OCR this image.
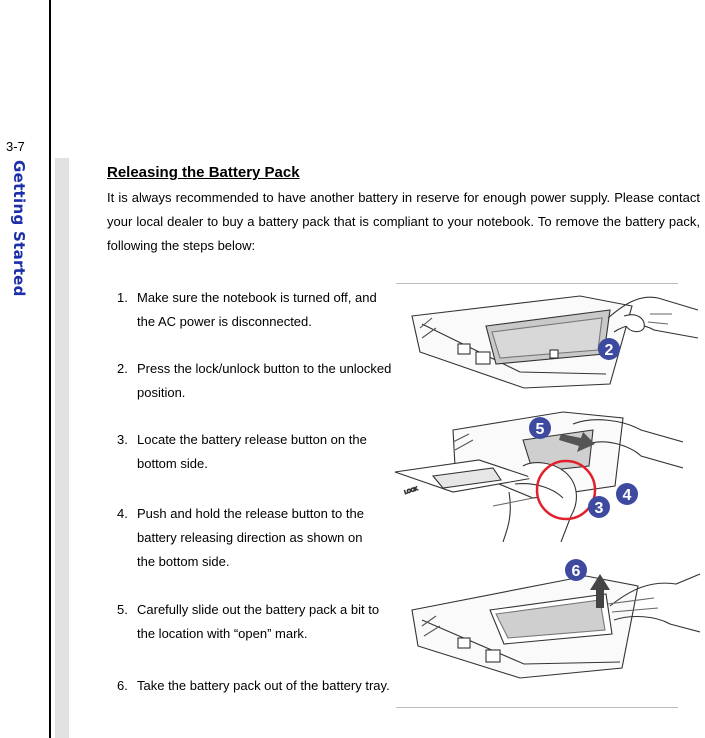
3-7
Getting Started	Releasing the Battery Pack
It is always recommended to have another battery in reserve for enough power supply. Please contact your local dealer to buy a battery pack that is compliant to your notebook. To remove the battery pack, following the steps below:
1. Make sure the notebook is turned off, and
the AC power is disconnected.
2. Press the lock/unlock button to the unlocked
position.
3. Locate the battery release button on the
bottom side.
4. Push and hold the release button to the
battery releasing direction as shown on
the bottom side.
5. Carefully slide out the battery pack a bit to
the location with “open” mark.
6. Take the battery pack out of the battery tray.
2
LOCK
5
3
4
6
